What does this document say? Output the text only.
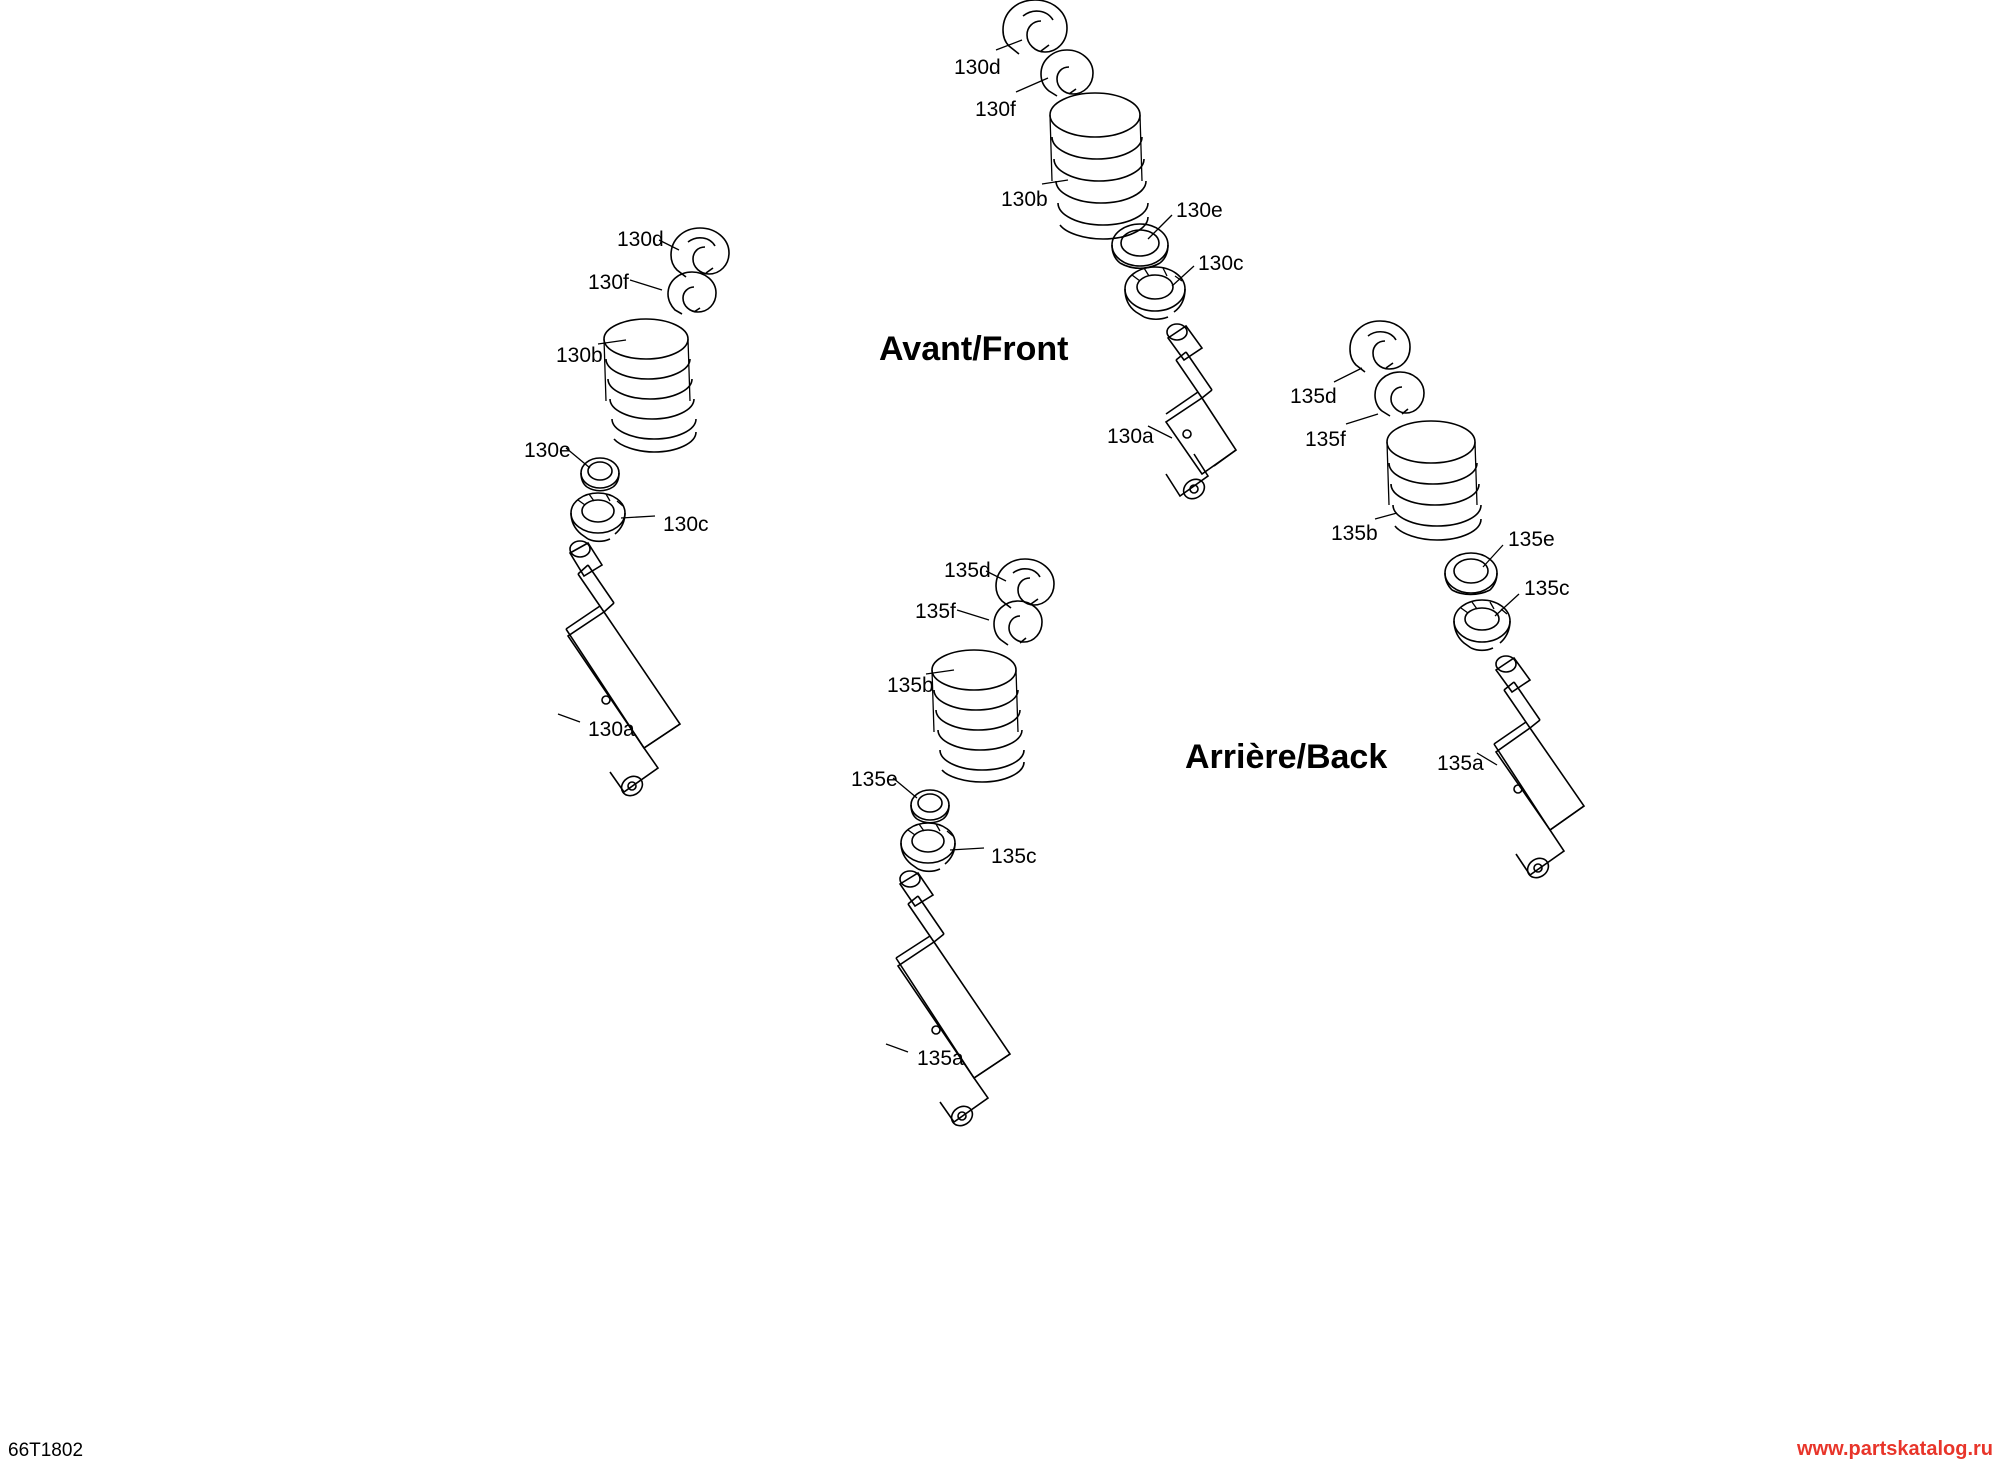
Avant/Front
Arrière/Back
130d
130f
130b	130e
130c
130a
130d
130f
130b
130e
130c
130a
135d
135f
135b	135e
135c
135a
135d
135f
135b
135e
135c
135a
66T1802	www.partskatalog.ru
